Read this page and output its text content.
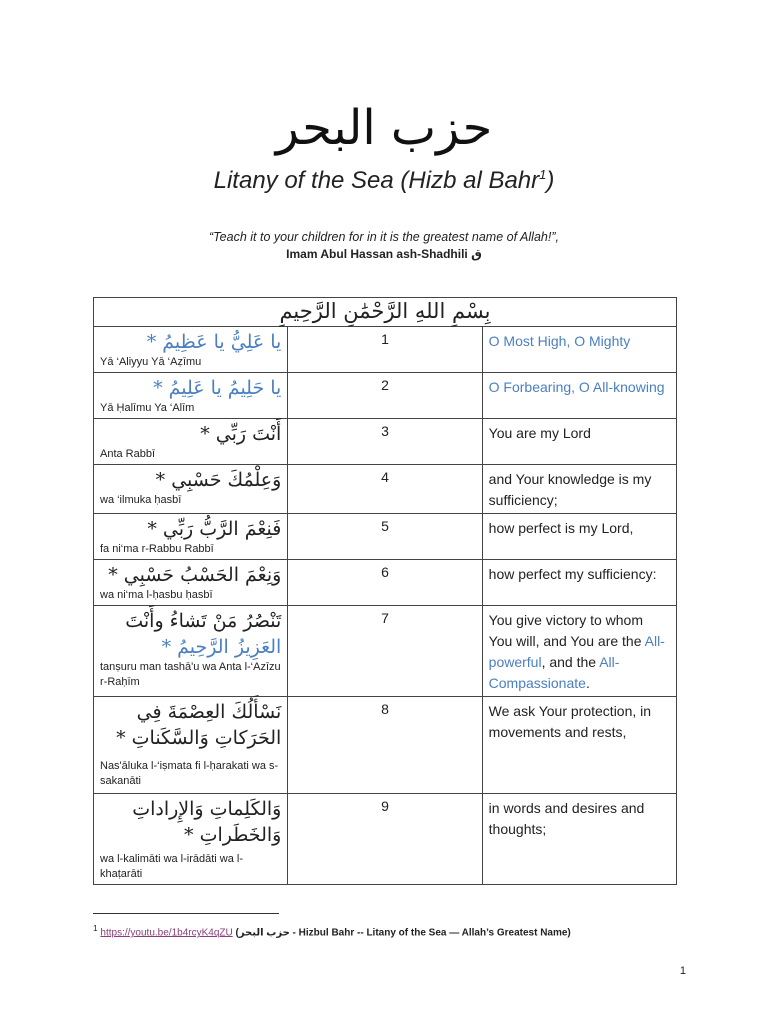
حزب البحر
Litany of the Sea (Hizb al Bahr$^1$)
“Teach it to your children for in it is the greatest name of Allah!”,
Imam Abul Hassan ash-Shadhili ق
بِسْمِ اللهِ الرَّحْمَٰنِ الرَّحِيمِ		

يا عَلِيُّ يا عَظِيمُ *
Yā ‘Aliyyu Yā ‘Aẓīmu	1	O Most High, O Mighty

يا حَلِيمُ يا عَلِيمُ *
Yā Ḥalīmu Ya ‘Alīm	2	O Forbearing, O All-knowing

أَنْتَ رَبِّي *
Anta Rabbī	3	You are my Lord

وَعِلْمُكَ حَسْبِي *
wa ‘ilmuka ḥasbī	4	and Your knowledge is my sufficiency;

فَنِعْمَ الرَّبُّ رَبِّي *
fa ni‘ma r-Rabbu Rabbī	5	how perfect is my Lord,

وَنِعْمَ الحَسْبُ حَسْبِي *
wa ni‘ma l-ḥasbu ḥasbī	6	how perfect my sufficiency:

تَنْصُرُ مَنْ تَشاءُ وأَنْتَ العَزِيزُ الرَّحِيمُ *
tanṣuru man tashā'u wa Anta l-‘Azīzu r-Raḥīm	7	You give victory to whom You will, and You are the All-powerful, and the All-Compassionate.

نَسْأَلُكَ العِصْمَةَ فِي الحَرَكاتِ وَالسَّكَناتِ *
Nas'āluka l-‘iṣmata fi l-ḥarakati wa s-sakanāti	8	We ask Your protection, in movements and rests,

وَالكَلِماتِ وَالإِراداتِ وَالخَطَراتِ *
wa l-kalimāti wa l-irādāti wa l-khaṭarāti	9	in words and desires and thoughts;
$^1$ https://youtu.be/1b4rcyK4qZU (حزب البحر - Hizbul Bahr -- Litany of the Sea — Allah’s Greatest Name)
1
